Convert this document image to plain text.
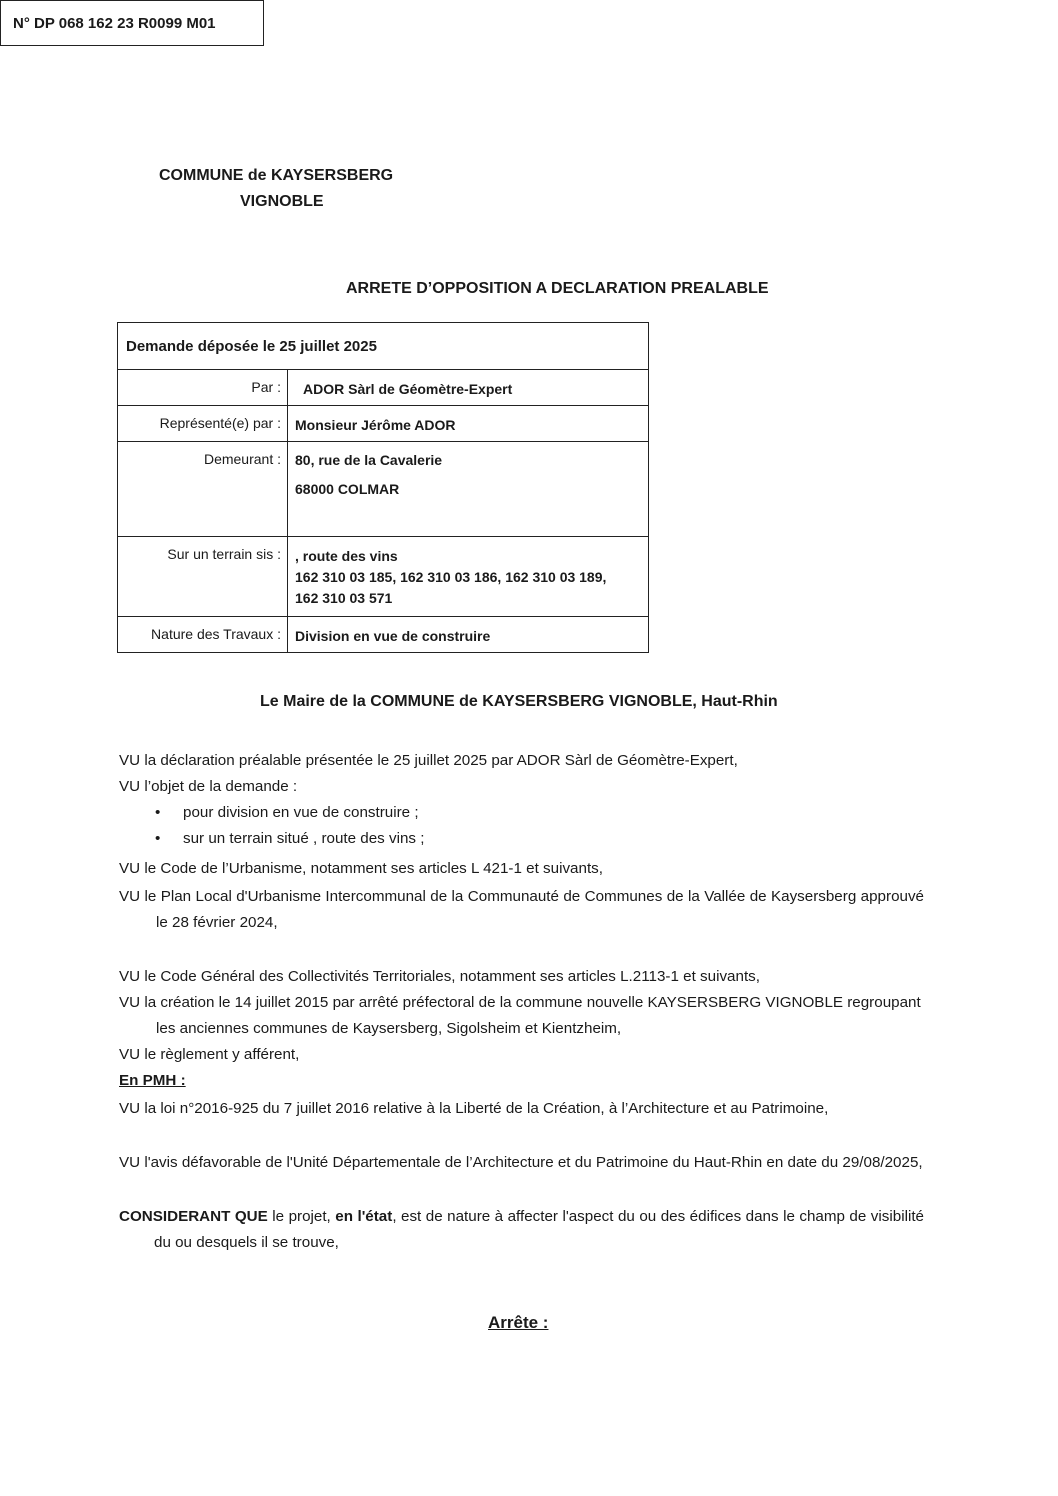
COMMUNE de KAYSERSBERG
VIGNOBLE
ARRETE D’OPPOSITION A DECLARATION PREALABLE
Demande déposée le 25 juillet 2025	
Par :	ADOR Sàrl de Géomètre-Expert
Représenté(e) par :	Monsieur Jérôme ADOR
Demeurant :	80, rue de la Cavalerie
68000 COLMAR

Sur un terrain sis :	, route des vins
162 310 03 185, 162 310 03 186, 162 310 03 189,
162 310 03 571

Nature des Travaux :	Division en vue de construire
N° DP 068 162 23 R0099 M01
Le Maire de la COMMUNE de KAYSERSBERG VIGNOBLE, Haut-Rhin
VU la déclaration préalable présentée le 25 juillet 2025 par ADOR Sàrl de Géomètre-Expert,
VU l’objet de la demande :
• pour division en vue de construire ;
• sur un terrain situé , route des vins ;
VU le Code de l’Urbanisme, notamment ses articles L 421-1 et suivants,
VU le Plan Local d'Urbanisme Intercommunal de la Communauté de Communes de la Vallée de Kaysersberg approuvé le 28 février 2024,
VU le Code Général des Collectivités Territoriales, notamment ses articles L.2113-1 et suivants,
VU la création le 14 juillet 2015 par arrêté préfectoral de la commune nouvelle KAYSERSBERG VIGNOBLE regroupant les anciennes communes de Kaysersberg, Sigolsheim et Kientzheim,
VU le règlement y afférent,
En PMH :
VU la loi n°2016-925 du 7 juillet 2016 relative à la Liberté de la Création, à l’Architecture et au Patrimoine,
VU l'avis défavorable de l'Unité Départementale de l’Architecture et du Patrimoine du Haut-Rhin en date du 29/08/2025,
CONSIDERANT QUE le projet, en l'état, est de nature à affecter l'aspect du ou des édifices dans le champ de visibilité du ou desquels il se trouve,
Arrête :
